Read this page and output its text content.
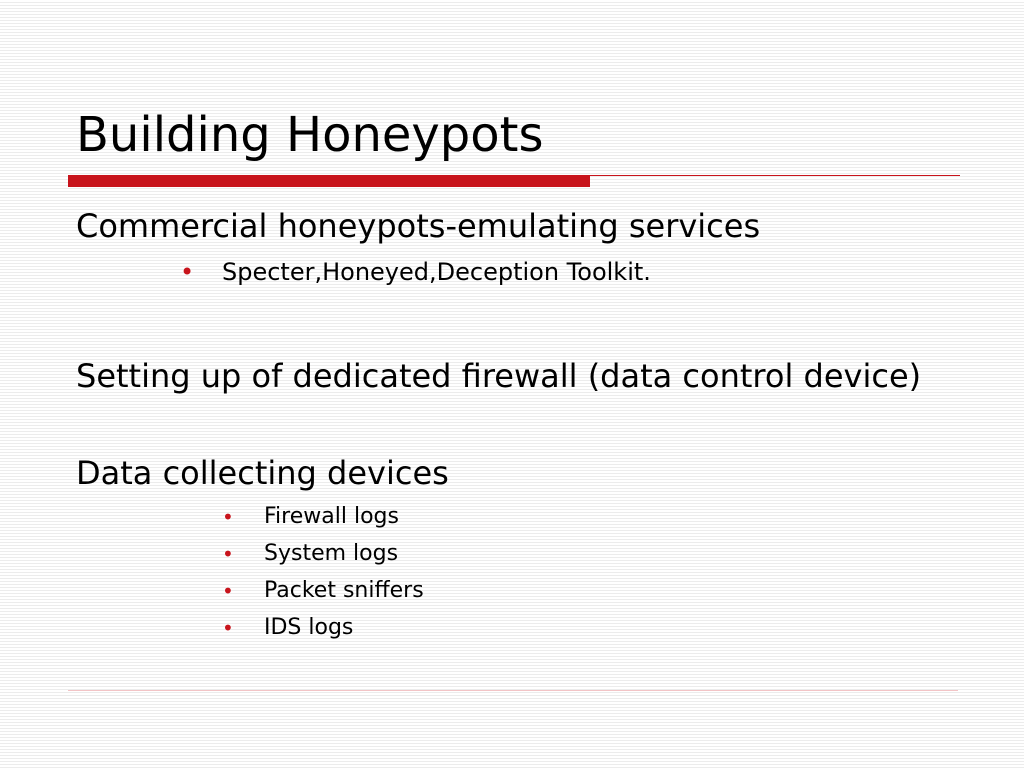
Building Honeypots
Commercial honeypots-emulating services
• Specter,Honeyed,Deception Toolkit.
Setting up of dedicated firewall (data control device)
Data collecting devices
• Firewall logs
• System logs
• Packet sniffers
• IDS logs
